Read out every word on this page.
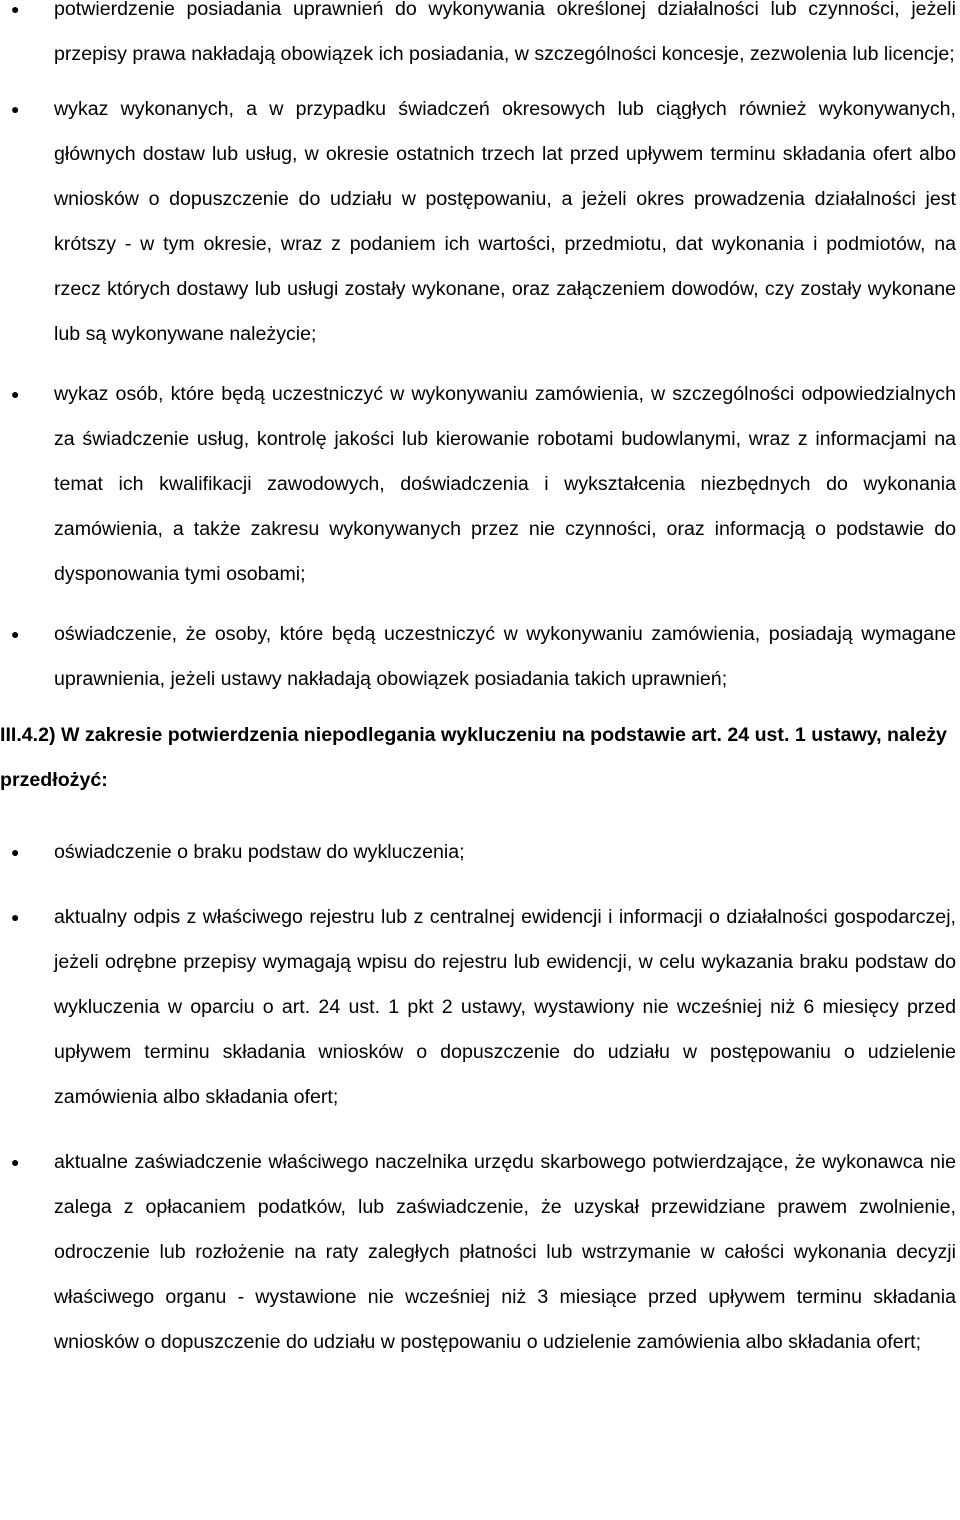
● potwierdzenie posiadania uprawnień do wykonywania określonej działalności lub czynności, jeżeli przepisy prawa nakładają obowiązek ich posiadania, w szczególności koncesje, zezwolenia lub licencje;
● wykaz wykonanych, a w przypadku świadczeń okresowych lub ciągłych również wykonywanych, głównych dostaw lub usług, w okresie ostatnich trzech lat przed upływem terminu składania ofert albo wniosków o dopuszczenie do udziału w postępowaniu, a jeżeli okres prowadzenia działalności jest krótszy - w tym okresie, wraz z podaniem ich wartości, przedmiotu, dat wykonania i podmiotów, na rzecz których dostawy lub usługi zostały wykonane, oraz załączeniem dowodów, czy zostały wykonane lub są wykonywane należycie;
● wykaz osób, które będą uczestniczyć w wykonywaniu zamówienia, w szczególności odpowiedzialnych za świadczenie usług, kontrolę jakości lub kierowanie robotami budowlanymi, wraz z informacjami na temat ich kwalifikacji zawodowych, doświadczenia i wykształcenia niezbędnych do wykonania zamówienia, a także zakresu wykonywanych przez nie czynności, oraz informacją o podstawie do dysponowania tymi osobami;
● oświadczenie, że osoby, które będą uczestniczyć w wykonywaniu zamówienia, posiadają wymagane uprawnienia, jeżeli ustawy nakładają obowiązek posiadania takich uprawnień;

III.4.2) W zakresie potwierdzenia niepodlegania wykluczeniu na podstawie art. 24 ust. 1 ustawy, należy przedłożyć:

● oświadczenie o braku podstaw do wykluczenia;
● aktualny odpis z właściwego rejestru lub z centralnej ewidencji i informacji o działalności gospodarczej, jeżeli odrębne przepisy wymagają wpisu do rejestru lub ewidencji, w celu wykazania braku podstaw do wykluczenia w oparciu o art. 24 ust. 1 pkt 2 ustawy, wystawiony nie wcześniej niż 6 miesięcy przed upływem terminu składania wniosków o dopuszczenie do udziału w postępowaniu o udzielenie zamówienia albo składania ofert;
● aktualne zaświadczenie właściwego naczelnika urzędu skarbowego potwierdzające, że wykonawca nie zalega z opłacaniem podatków, lub zaświadczenie, że uzyskał przewidziane prawem zwolnienie, odroczenie lub rozłożenie na raty zaległych płatności lub wstrzymanie w całości wykonania decyzji właściwego organu - wystawione nie wcześniej niż 3 miesiące przed upływem terminu składania wniosków o dopuszczenie do udziału w postępowaniu o udzielenie zamówienia albo składania ofert;
